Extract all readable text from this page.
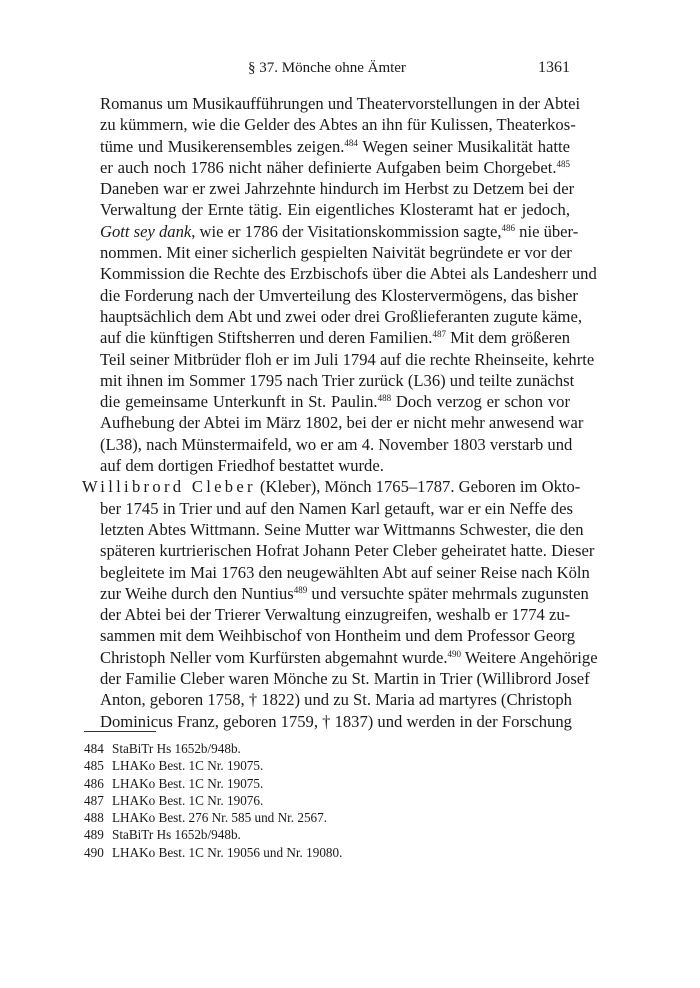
§ 37. Mönche ohne Ämter	1361
Romanus um Musikaufführungen und Theatervorstellungen in der Abtei
zu kümmern, wie die Gelder des Abtes an ihn für Kulissen, Theaterkos-
tüme und Musikerensembles zeigen.$^{484}$ Wegen seiner Musikalität hatte
er auch noch 1786 nicht näher definierte Aufgaben beim Chorgebet.$^{485}$
Daneben war er zwei Jahrzehnte hindurch im Herbst zu Detzem bei der
Verwaltung der Ernte tätig. Ein eigentliches Klosteramt hat er jedoch,
Gott sey dank, wie er 1786 der Visitationskommission sagte,$^{486}$ nie über-
nommen. Mit einer sicherlich gespielten Naivität begründete er vor der
Kommission die Rechte des Erzbischofs über die Abtei als Landesherr und
die Forderung nach der Umverteilung des Klostervermögens, das bisher
hauptsächlich dem Abt und zwei oder drei Großlieferanten zugute käme,
auf die künftigen Stiftsherren und deren Familien.$^{487}$ Mit dem größeren
Teil seiner Mitbrüder floh er im Juli 1794 auf die rechte Rheinseite, kehrte
mit ihnen im Sommer 1795 nach Trier zurück (L36) und teilte zunächst
die gemeinsame Unterkunft in St. Paulin.$^{488}$ Doch verzog er schon vor
Aufhebung der Abtei im März 1802, bei der er nicht mehr anwesend war
(L38), nach Münstermaifeld, wo er am 4. November 1803 verstarb und
auf dem dortigen Friedhof bestattet wurde.
Willibrord Cleber (Kleber), Mönch 1765–1787. Geboren im Okto-
ber 1745 in Trier und auf den Namen Karl getauft, war er ein Neffe des
letzten Abtes Wittmann. Seine Mutter war Wittmanns Schwester, die den
späteren kurtrierischen Hofrat Johann Peter Cleber geheiratet hatte. Dieser
begleitete im Mai 1763 den neugewählten Abt auf seiner Reise nach Köln
zur Weihe durch den Nuntius$^{489}$ und versuchte später mehrmals zugunsten
der Abtei bei der Trierer Verwaltung einzugreifen, weshalb er 1774 zu-
sammen mit dem Weihbischof von Hontheim und dem Professor Georg
Christoph Neller vom Kurfürsten abgemahnt wurde.$^{490}$ Weitere Angehörige
der Familie Cleber waren Mönche zu St. Martin in Trier (Willibrord Josef
Anton, geboren 1758, † 1822) und zu St. Maria ad martyres (Christoph
Dominicus Franz, geboren 1759, † 1837) und werden in der Forschung
484 StaBiTr Hs 1652b/948b.
485 LHAKo Best. 1C Nr. 19075.
486 LHAKo Best. 1C Nr. 19075.
487 LHAKo Best. 1C Nr. 19076.
488 LHAKo Best. 276 Nr. 585 und Nr. 2567.
489 StaBiTr Hs 1652b/948b.
490 LHAKo Best. 1C Nr. 19056 und Nr. 19080.
